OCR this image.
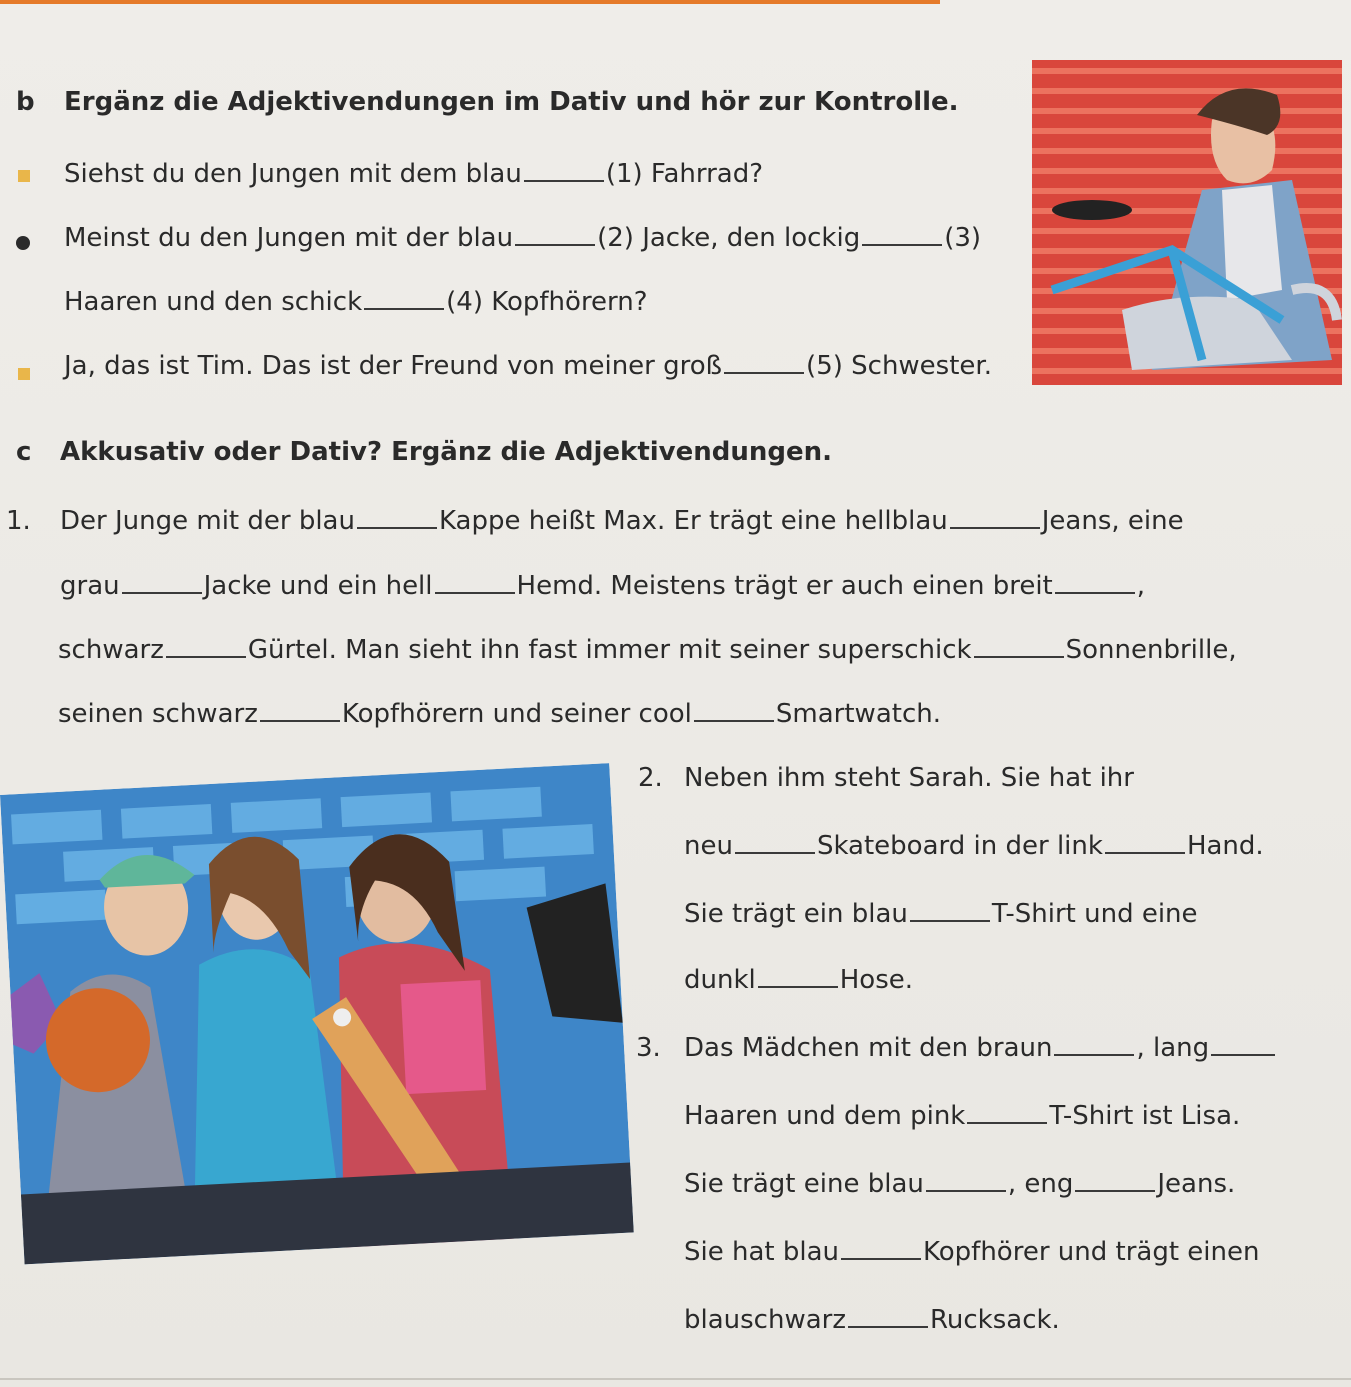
b Ergänz die Adjektivendungen im Dativ und hör zur Kontrolle.
Siehst du den Jungen mit dem blau	(1) Fahrrad?
Meinst du den Jungen mit der blau	(2) Jacke, den lockig	(3)
Haaren und den schick	(4) Kopfhörern?
Ja, das ist Tim. Das ist der Freund von meiner groß	(5) Schwester.
c Akkusativ oder Dativ? Ergänz die Adjektivendungen.
1. Der Junge mit der blau	Kappe heißt Max. Er trägt eine hellblau	Jeans, eine
grau	Jacke und ein hell	Hemd. Meistens trägt er auch einen breit	,
schwarz	Gürtel. Man sieht ihn fast immer mit seiner superschick	Sonnenbrille,
seinen schwarz	Kopfhörern und seiner cool	Smartwatch.
2. Neben ihm steht Sarah. Sie hat ihr
neu	Skateboard in der link	Hand.
Sie trägt ein blau	T-Shirt und eine
dunkl	Hose.
3. Das Mädchen mit den braun	, lang
Haaren und dem pink	T-Shirt ist Lisa.
Sie trägt eine blau	, eng	Jeans.
Sie hat blau	Kopfhörer und trägt einen
blauschwarz	Rucksack.
